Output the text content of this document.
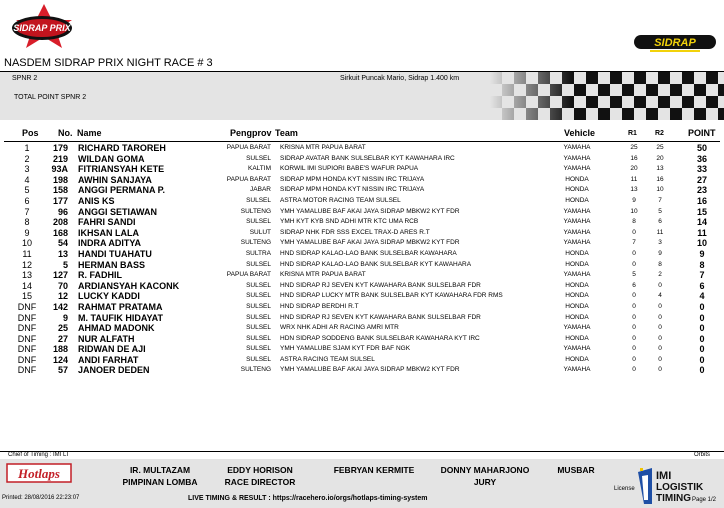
SIDRAP PRIX
SIDRAP
NASDEM SIDRAP PRIX NIGHT RACE # 3
SPNR 2	Sirkuit Puncak Mario, Sidrap 1.400 km
TOTAL POINT SPNR 2
Pos No. Name	Pengprov Team	Vehicle	R1	R2	POINT
1	179 RICHARD TAROREH	PAPUA BARAT KRISNA MTR PAPUA BARAT	YAMAHA	25	25	50
2	219 WILDAN GOMA	SULSEL SIDRAP AVATAR BANK SULSELBAR KYT KAWAHARA IRC	YAMAHA	16	20	36
3	93A FITRIANSYAH KETE	KALTIM KORWIL IMI SUPIORI BABE'S WAFUR PAPUA	YAMAHA	20	13	33
4	198 AWHIN SANJAYA	PAPUA BARAT SIDRAP MPM HONDA KYT NISSIN IRC TRIJAYA	HONDA	11	16	27
5	158 ANGGI PERMANA P.	JABAR SIDRAP MPM HONDA KYT NISSIN IRC TRIJAYA	HONDA	13	10	23
6	177 ANIS KS	SULSEL ASTRA MOTOR RACING TEAM SULSEL	HONDA	9	7	16
7	96 ANGGI SETIAWAN	SULTENG YMH YAMALUBE BAF AKAI JAYA SIDRAP MBKW2 KYT FDR	YAMAHA	10	5	15
8	208 FAHRI SANDI	SULSEL YMH KYT KYB SND ADHI MTR KTC UMA RCB	YAMAHA	8	6	14
9	168 IKHSAN LALA	SULUT SIDRAP NHK FDR SSS EXCEL TRAX-D ARES R.T	YAMAHA	0	11	11
10	54 INDRA ADITYA	SULTENG YMH YAMALUBE BAF AKAI JAYA SIDRAP MBKW2 KYT FDR	YAMAHA	7	3	10
11	13 HANDI TUAHATU	SULTRA HND SIDRAP KALAO-LAO BANK SULSELBAR KAWAHARA	HONDA	0	9	9
12	5 HERMAN BASS	SULSEL HND SIDRAP KALAO-LAO BANK SULSELBAR KYT KAWAHARA	HONDA	0	8	8
13	127 R. FADHIL	PAPUA BARAT KRISNA MTR PAPUA BARAT	YAMAHA	5	2	7
14	70 ARDIANSYAH KACONK	SULSEL HND SIDRAP RJ SEVEN KYT KAWAHARA BANK SULSELBAR FDR	HONDA	6	0	6
15	12 LUCKY KADDI	SULSEL HND SIDRAP LUCKY MTR BANK SULSELBAR KYT KAWAHARA FDR RMS	HONDA	0	4	4
DNF	142 RAHMAT PRATAMA	SULSEL HND SIDRAP BERDHI R.T	HONDA	0	0	0
DNF	9 M. TAUFIK HIDAYAT	SULSEL HND SIDRAP RJ SEVEN KYT KAWAHARA BANK SULSELBAR FDR	HONDA	0	0	0
DNF	25 AHMAD MADONK	SULSEL WRX NHK ADHI AR RACING AMRI MTR	YAMAHA	0	0	0
DNF	27 NUR ALFATH	SULSEL HDN SIDRAP SODDENG BANK SULSELBAR KAWAHARA KYT IRC	HONDA	0	0	0
DNF	188 RIDWAN DE AJI	SULSEL YMH YAMALUBE SJAM KYT FDR BAF NGK	YAMAHA	0	0	0
DNF	124 ANDI FARHAT	SULSEL ASTRA RACING TEAM SULSEL	HONDA	0	0	0
DNF	57 JANOER DEDEN	SULTENG YMH YAMALUBE BAF AKAI JAYA SIDRAP MBKW2 KYT FDR	YAMAHA	0	0	0
Chief of Timing : IMI LT	Orbits
Hotlaps	IR. MULTAZAM
PIMPINAN LOMBA
EDDY HORISON
RACE DIRECTOR
FEBRYAN KERMITE	DONNY MAHARJONO
JURY
MUSBAR
Printed: 28/08/2016 22:23:07	LIVE TIMING & RESULT : https://racehero.io/orgs/hotlaps-timing-system
License
IMI
LOGISTIK
TIMING Page 1/2
